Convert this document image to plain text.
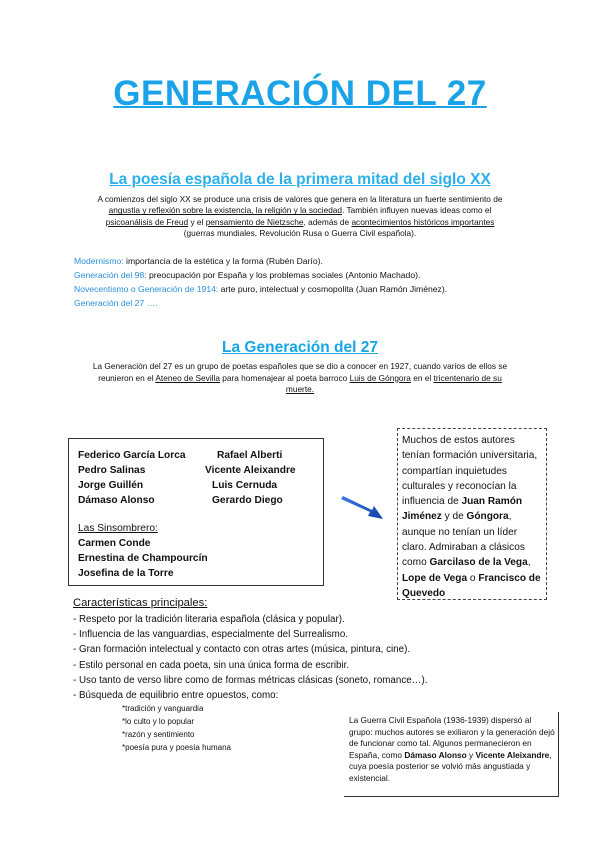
GENERACIÓN DEL 27
La poesía española de la primera mitad del siglo XX
A comienzos del siglo XX se produce una crisis de valores que genera en la literatura un fuerte sentimiento de
angustia y reflexión sobre la existencia, la religión y la sociedad. También influyen nuevas ideas como el
psicoanálisis de Freud y el pensamiento de Nietzsche, además de acontecimientos históricos importantes
(guerras mundiales, Revolución Rusa o Guerra Civil española).
Modernismo: importancia de la estética y la forma (Rubén Darío).
Generación del 98: preocupación por España y los problemas sociales (Antonio Machado).
Novecentismo o Generación de 1914: arte puro, intelectual y cosmopolita (Juan Ramón Jiménez).
Generación del 27 ….
La Generación del 27
La Generación del 27 es un grupo de poetas españoles que se dio a conocer en 1927, cuando varios de ellos se
reunieron en el Ateneo de Sevilla para homenajear al poeta barroco Luis de Góngora en el tricentenario de su
muerte.
Federico García Lorca
Pedro Salinas
Jorge Guillén
Dámaso Alonso
Rafael Alberti
Vicente Aleixandre
Luis Cernuda
Gerardo Diego
Las Sinsombrero:
Carmen Conde
Ernestina de Champourcín
Josefina de la Torre
Muchos de estos autores tenían formación universitaria, compartían inquietudes culturales y reconocían la influencia de Juan Ramón Jiménez y de Góngora, aunque no tenían un líder claro. Admiraban a clásicos como Garcilaso de la Vega, Lope de Vega o Francisco de Quevedo
Características principales:
- Respeto por la tradición literaria española (clásica y popular).
- Influencia de las vanguardias, especialmente del Surrealismo.
- Gran formación intelectual y contacto con otras artes (música, pintura, cine).
- Estilo personal en cada poeta, sin una única forma de escribir.
- Uso tanto de verso libre como de formas métricas clásicas (soneto, romance…).
- Búsqueda de equilibrio entre opuestos, como:
* tradición y vanguardia
* lo culto y lo popular
* razón y sentimiento
* poesía pura y poesía humana
La Guerra Civil Española (1936-1939) dispersó al grupo: muchos autores se exiliaron y la generación dejó de funcionar como tal. Algunos permanecieron en España, como Dámaso Alonso y Vicente Aleixandre, cuya poesía posterior se volvió más angustiada y existencial.
